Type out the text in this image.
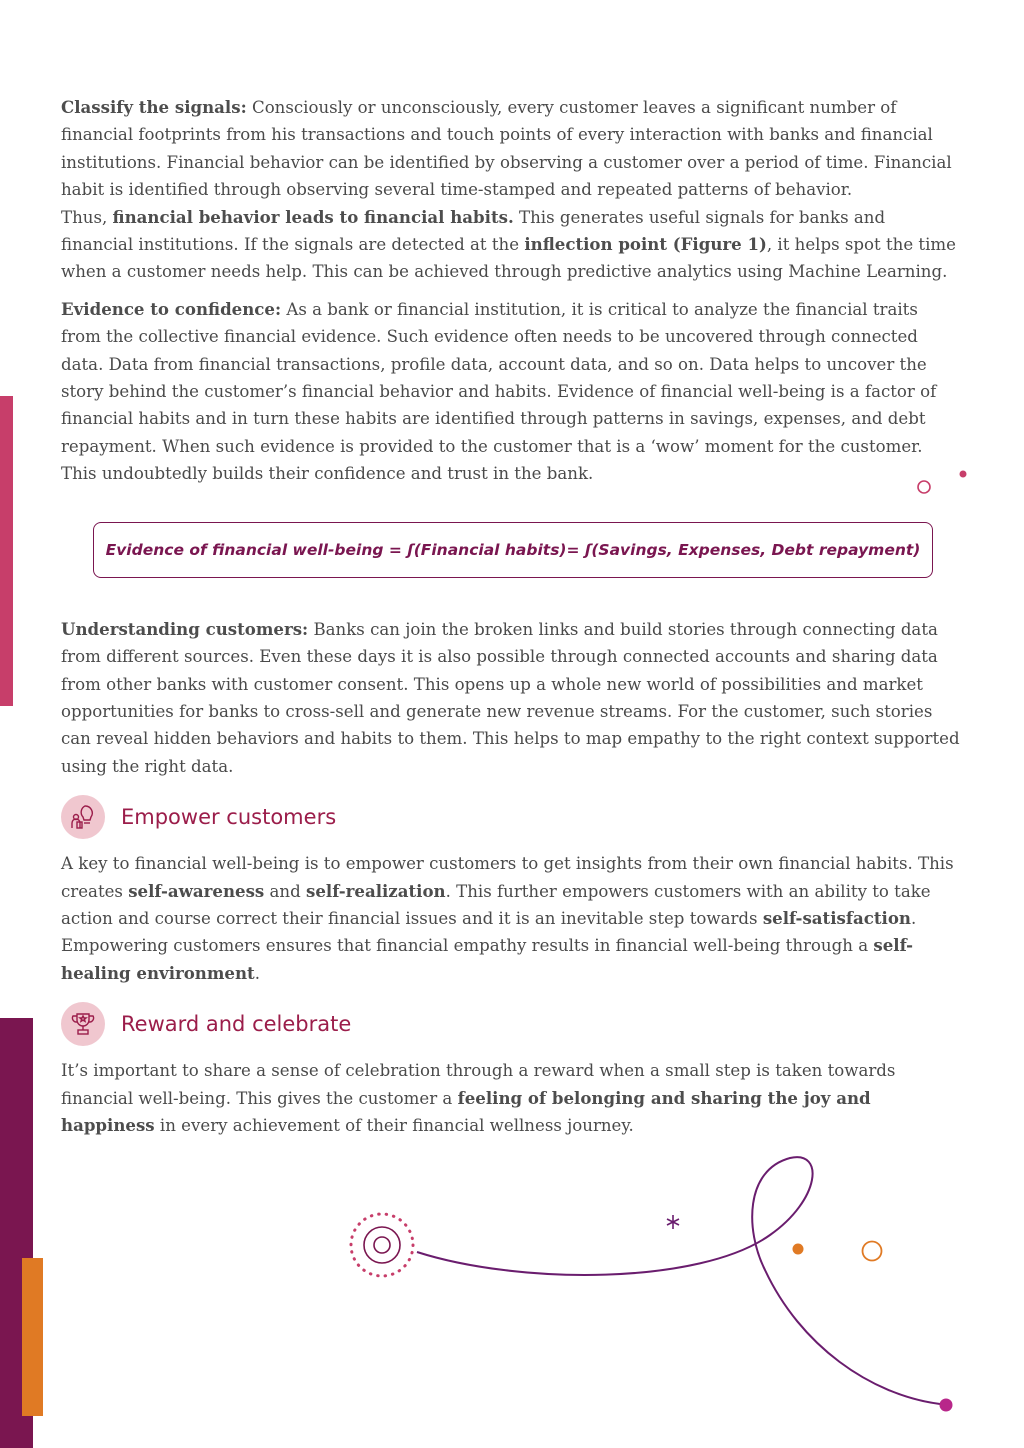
Classify the signals: Consciously or unconsciously, every customer leaves a significant number of financial footprints from his transactions and touch points of every interaction with banks and financial institutions. Financial behavior can be identified by observing a customer over a period of time. Financial habit is identified through observing several time-stamped and repeated patterns of behavior.
Thus, financial behavior leads to financial habits. This generates useful signals for banks and financial institutions. If the signals are detected at the inflection point (Figure 1), it helps spot the time when a customer needs help. This can be achieved through predictive analytics using Machine Learning.

Evidence to confidence: As a bank or financial institution, it is critical to analyze the financial traits from the collective financial evidence. Such evidence often needs to be uncovered through connected data. Data from financial transactions, profile data, account data, and so on. Data helps to uncover the story behind the customer’s financial behavior and habits. Evidence of financial well-being is a factor of financial habits and in turn these habits are identified through patterns in savings, expenses, and debt repayment. When such evidence is provided to the customer that is a ‘wow’ moment for the customer. This undoubtedly builds their confidence and trust in the bank.

Evidence of financial well-being = ʃ(Financial habits)= ʃ(Savings, Expenses, Debt repayment)

Understanding customers: Banks can join the broken links and build stories through connecting data from different sources. Even these days it is also possible through connected accounts and sharing data from other banks with customer consent. This opens up a whole new world of possibilities and market opportunities for banks to cross-sell and generate new revenue streams. For the customer, such stories can reveal hidden behaviors and habits to them. This helps to map empathy to the right context supported using the right data.

Empower customers

A key to financial well-being is to empower customers to get insights from their own financial habits. This creates self-awareness and self-realization. This further empowers customers with an ability to take action and course correct their financial issues and it is an inevitable step towards self-satisfaction. Empowering customers ensures that financial empathy results in financial well-being through a self-healing environment.

Reward and celebrate

It’s important to share a sense of celebration through a reward when a small step is taken towards financial well-being. This gives the customer a feeling of belonging and sharing the joy and happiness in every achievement of their financial wellness journey.
